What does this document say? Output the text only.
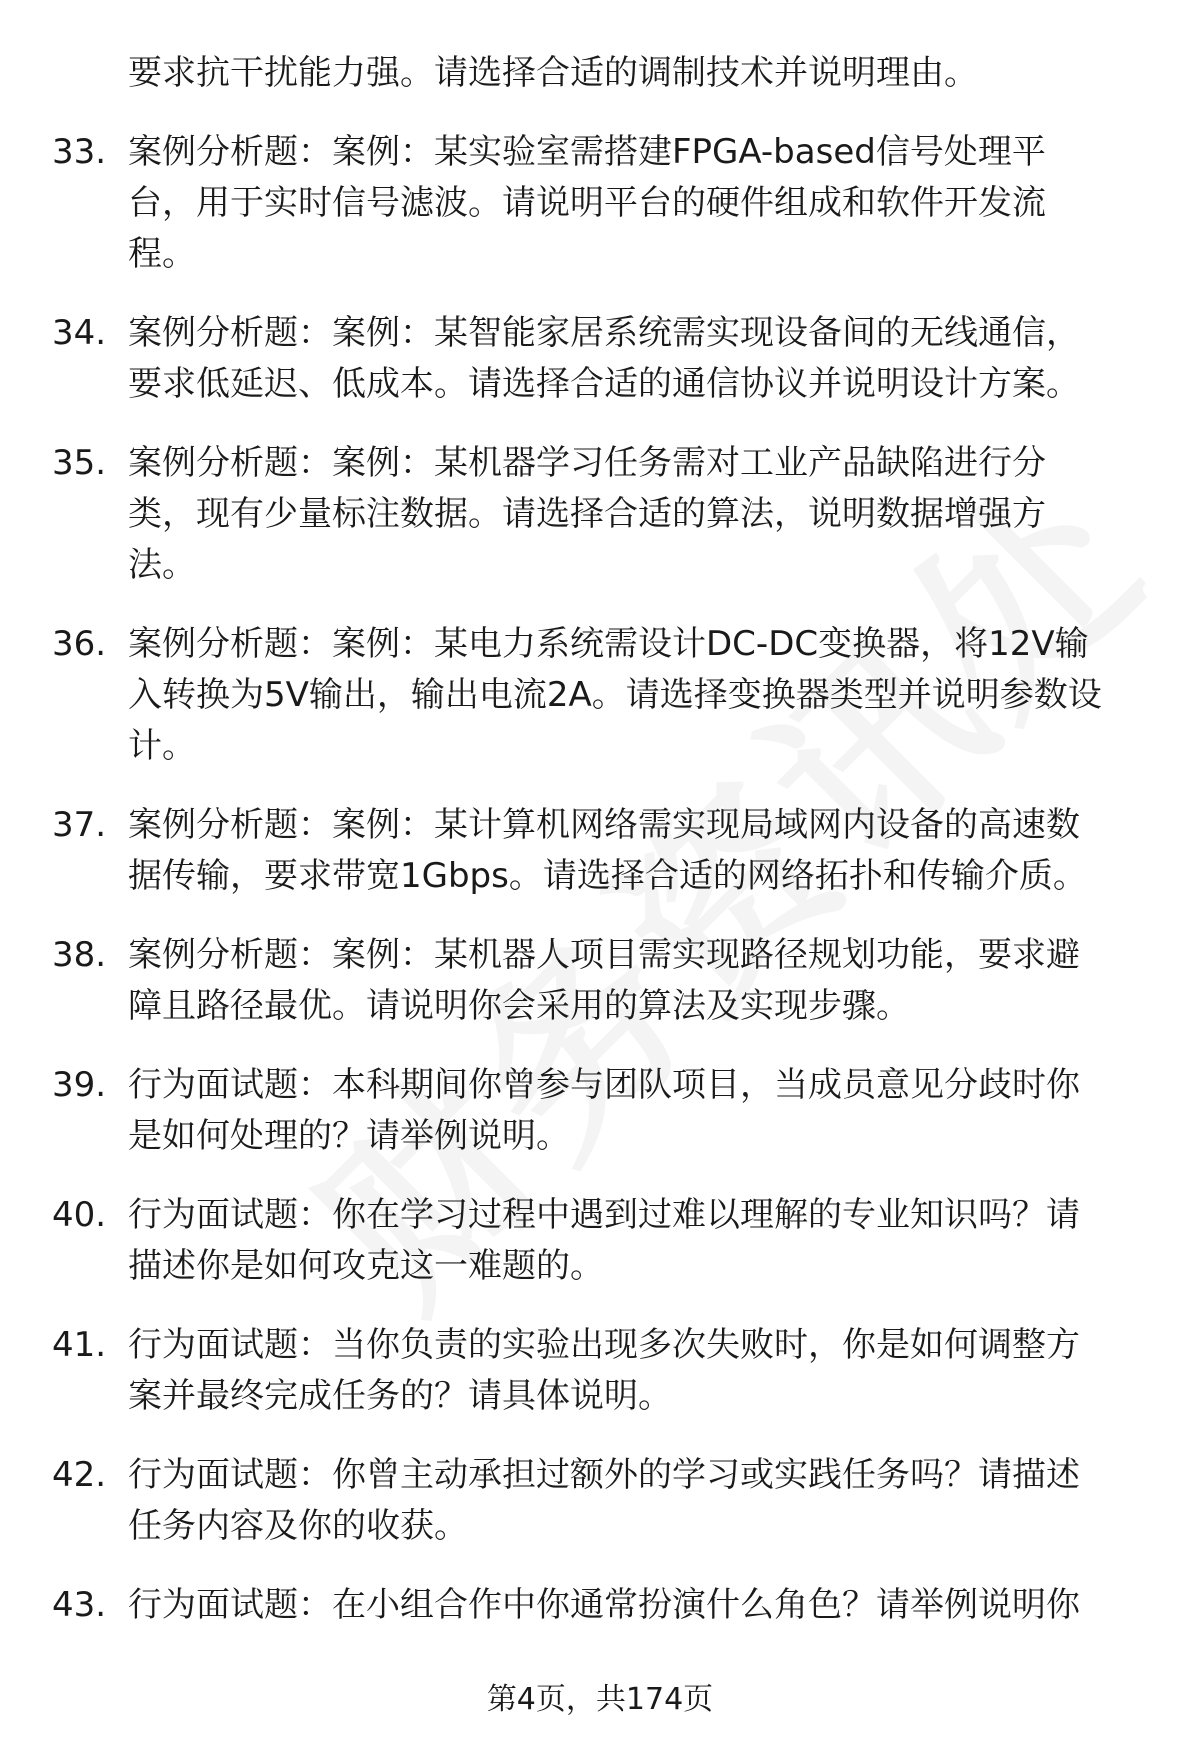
要求抗干扰能力强。请选择合适的调制技术并说明理由。
33. 案例分析题：案例：某实验室需搭建FPGA-based信号处理平
台，用于实时信号滤波。请说明平台的硬件组成和软件开发流
程。
34. 案例分析题：案例：某智能家居系统需实现设备间的无线通信，
要求低延迟、低成本。请选择合适的通信协议并说明设计方案。
35. 案例分析题：案例：某机器学习任务需对工业产品缺陷进行分
类，现有少量标注数据。请选择合适的算法，说明数据增强方
法。
36. 案例分析题：案例：某电力系统需设计DC-DC变换器，将12V输
入转换为5V输出，输出电流2A。请选择变换器类型并说明参数设
计。
37. 案例分析题：案例：某计算机网络需实现局域网内设备的高速数
据传输，要求带宽1Gbps。请选择合适的网络拓扑和传输介质。
38. 案例分析题：案例：某机器人项目需实现路径规划功能，要求避
障且路径最优。请说明你会采用的算法及实现步骤。
39. 行为面试题：本科期间你曾参与团队项目，当成员意见分歧时你
是如何处理的？请举例说明。
40. 行为面试题：你在学习过程中遇到过难以理解的专业知识吗？请
描述你是如何攻克这一难题的。
41. 行为面试题：当你负责的实验出现多次失败时，你是如何调整方
案并最终完成任务的？请具体说明。
42. 行为面试题：你曾主动承担过额外的学习或实践任务吗？请描述
任务内容及你的收获。
43. 行为面试题：在小组合作中你通常扮演什么角色？请举例说明你
第4页，共174页
